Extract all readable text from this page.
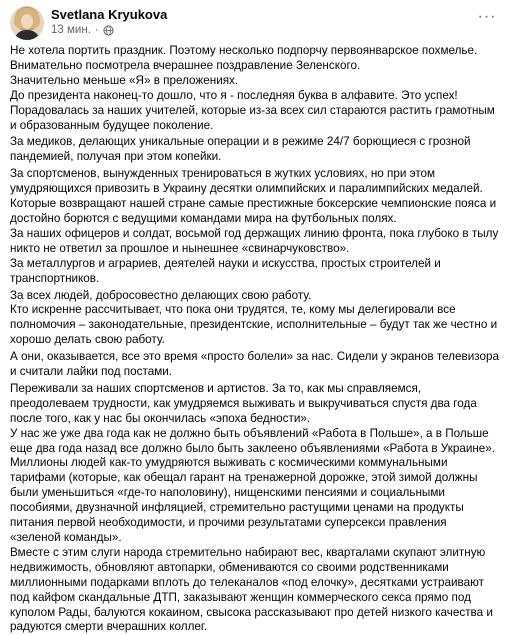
Svetlana Kryukova
13 мин. ·
···

Не хотела портить праздник. Поэтому несколько подпорчу первоянварское похмелье.

Внимательно посмотрела вчерашнее поздравление Зеленского.

Значительно меньше «Я» в преложениях.

До президента наконец-то дошло, что я - последняя буква в алфавите. Это успех!

Порадовалась за наших учителей, которые из-за всех сил стараются растить грамотным и образованным будущее поколение.

За медиков, делающих уникальные операции и в режиме 24/7 борющиеся с грозной пандемией, получая при этом копейки.

За спортсменов, вынужденных тренироваться в жутких условиях, но при этом умудряющихся привозить в Украину десятки олимпийских и паралимпийских медалей. Которые возвращают нашей стране самые престижные боксерские чемпионские пояса и достойно борются с ведущими командами мира на футбольных полях.

За наших офицеров и солдат, восьмой год держащих линию фронта, пока глубоко в тылу никто не ответил за прошлое и нынешнее «свинарчуковство».

За металлургов и аграриев, деятелей науки и искусства, простых строителей и транспортников.

За всех людей, добросовестно делающих свою работу.

Кто искренне рассчитывает, что пока они трудятся, те, кому мы делегировали все полномочия – законодательные, президентские, исполнительные – будут так же честно и хорошо делать свою работу.

А они, оказывается, все это время «просто болели» за нас. Сидели у экранов телевизора и считали лайки под постами.

Переживали за наших спортсменов и артистов. За то, как мы справляемся, преодолеваем трудности, как умудряемся выживать и выкручиваться спустя два года после того, как у нас бы окончилась «эпоха бедности».

У нас же уже два года как не должно быть объявлений «Работа в Польше», а в Польше еще два года назад все должно было быть заклеено объявлениями «Работа в Украине».

Миллионы людей как-то умудряются выживать с космическими коммунальными тарифами (которые, как обещал гарант на тренажерной дорожке, этой зимой должны были уменьшиться «где-то наполовину), нищенскими пенсиями и социальными пособиями, двузначной инфляцией, стремительно растущими ценами на продукты питания первой необходимости, и прочими результатами суперсекси правления «зеленой команды».

Вместе с этим слуги народа стремительно набирают вес, кварталами скупают элитную недвижимость, обновляют автопарки, обмениваются со своими родственниками миллионными подарками вплоть до телеканалов «под елочку», десятками устраивают под кайфом скандальные ДТП, заказывают женщин коммерческого секса прямо под куполом Рады, балуются кокаином, свысока рассказывают про детей низкого качества и радуются смерти вчерашних коллег.
